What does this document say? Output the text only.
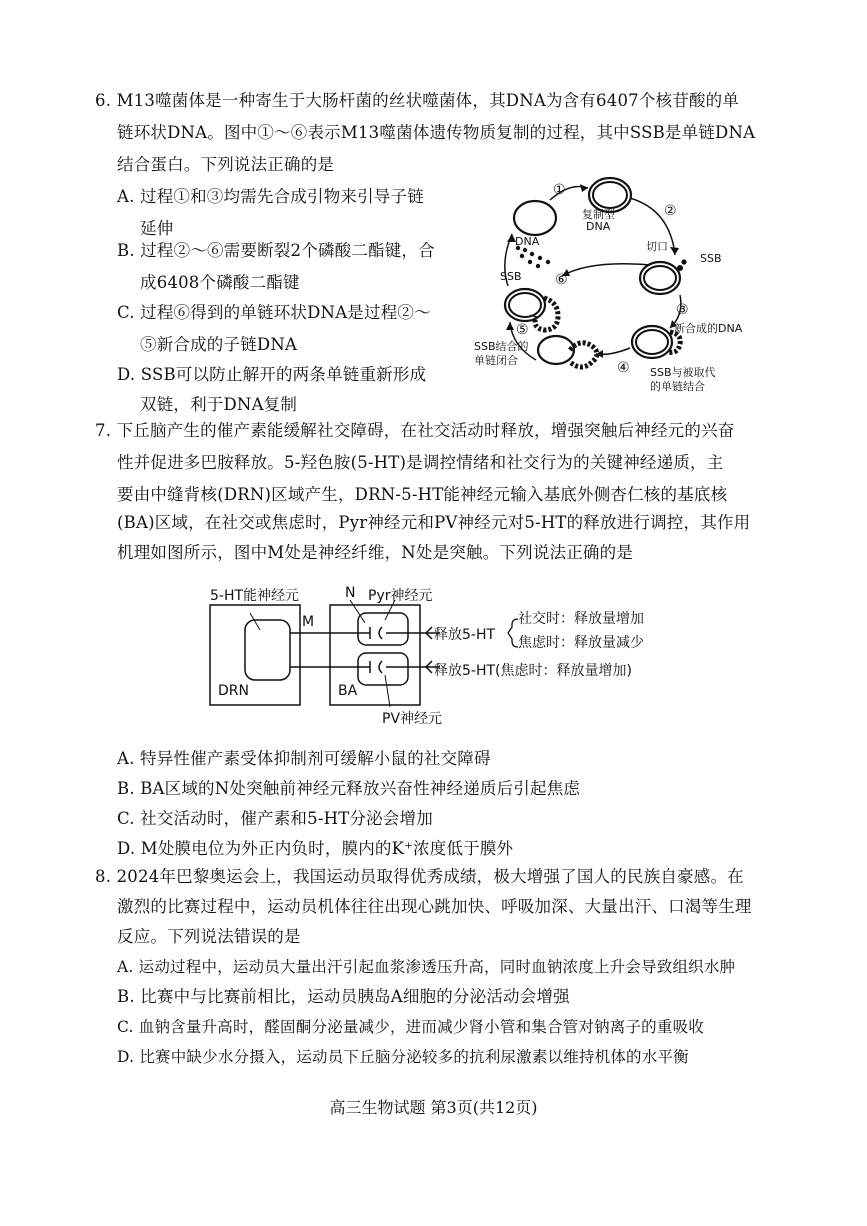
6. M13噬菌体是一种寄生于大肠杆菌的丝状噬菌体，其DNA为含有6407个核苷酸的单
链环状DNA。图中①～⑥表示M13噬菌体遗传物质复制的过程，其中SSB是单链DNA
结合蛋白。下列说法正确的是
A. 过程①和③均需先合成引物来引导子链
延伸
B. 过程②～⑥需要断裂2个磷酸二酯键，合
成6408个磷酸二酯键
C. 过程⑥得到的单链环状DNA是过程②～
⑤新合成的子链DNA
D. SSB可以防止解开的两条单链重新形成
双链，利于DNA复制
①
②
③
④
⑤
⑥
复制型
DNA
切口
SSB
DNA
SSB
新合成的DNA
SSB与被取代
的单链结合
SSB结合的
单链闭合
7. 下丘脑产生的催产素能缓解社交障碍，在社交活动时释放，增强突触后神经元的兴奋
性并促进多巴胺释放。5-羟色胺(5-HT)是调控情绪和社交行为的关键神经递质，主
要由中缝背核(DRN)区域产生，DRN-5-HT能神经元输入基底外侧杏仁核的基底核
(BA)区域，在社交或焦虑时，Pyr神经元和PV神经元对5-HT的释放进行调控，其作用
机理如图所示，图中M处是神经纤维，N处是突触。下列说法正确的是
5-HT能神经元
DRN	BA
M
N Pyr神经元
PV神经元
释放5-HT
社交时：释放量增加
焦虑时：释放量减少
释放5-HT(焦虑时：释放量增加)
A. 特异性催产素受体抑制剂可缓解小鼠的社交障碍
B. BA区域的N处突触前神经元释放兴奋性神经递质后引起焦虑
C. 社交活动时，催产素和5-HT分泌会增加
D. M处膜电位为外正内负时，膜内的K⁺浓度低于膜外
8. 2024年巴黎奥运会上，我国运动员取得优秀成绩，极大增强了国人的民族自豪感。在
激烈的比赛过程中，运动员机体往往出现心跳加快、呼吸加深、大量出汗、口渴等生理
反应。下列说法错误的是
A. 运动过程中，运动员大量出汗引起血浆渗透压升高，同时血钠浓度上升会导致组织水肿
B. 比赛中与比赛前相比，运动员胰岛A细胞的分泌活动会增强
C. 血钠含量升高时，醛固酮分泌量减少，进而减少肾小管和集合管对钠离子的重吸收
D. 比赛中缺少水分摄入，运动员下丘脑分泌较多的抗利尿激素以维持机体的水平衡
高三生物试题 第3页(共12页)
